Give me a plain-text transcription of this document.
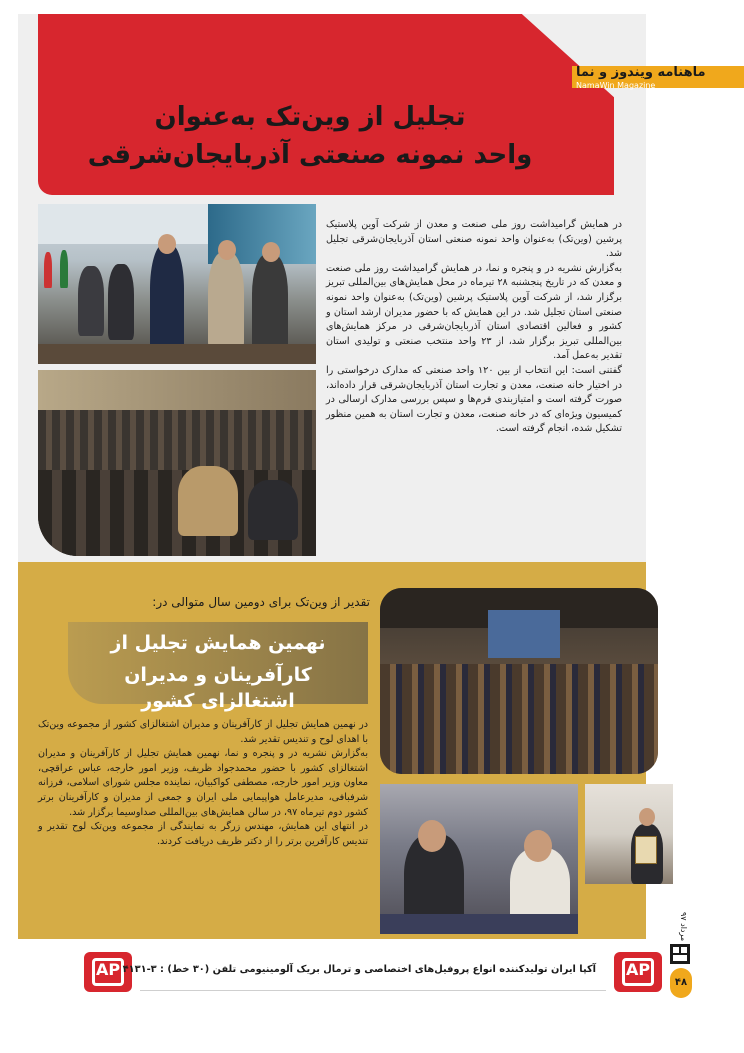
تجلیل از وین‌تک به‌عنوان
واحد نمونه صنعتی آذربایجان‌شرقی
ماهنامه ویندوز و نما
NamaWin Magazine

در همایش گرامیداشت روز ملی صنعت و معدن از شرکت آوین پلاستیک پرشین (وین‌تک) به‌عنوان واحد نمونه صنعتی استان آذربایجان‌شرقی تجلیل شد.

به‌گزارش نشریه در و پنجره و نما، در همایش گرامیداشت روز ملی صنعت و معدن که در تاریخ پنجشنبه ۲۸ تیرماه در محل همایش‌های بین‌المللی تبریز برگزار شد، از شرکت آوین پلاستیک پرشین (وین‌تک) به‌عنوان واحد نمونه صنعتی استان تجلیل شد. در این همایش که با حضور مدیران ارشد استان و کشور و فعالین اقتصادی استان آذربایجان‌شرقی در مرکز همایش‌های بین‌المللی تبریز برگزار شد، از ۲۳ واحد منتخب صنعتی و تولیدی استان تقدیر به‌عمل آمد.

گفتنی است: این انتخاب از بین ۱۲۰ واحد صنعتی که مدارک درخواستی را در اختیار خانه صنعت، معدن و تجارت استان آذربایجان‌شرقی قرار داده‌اند، صورت گرفته است و امتیازبندی فرم‌ها و سپس بررسی مدارک ارسالی در کمیسیون ویژه‌ای که در خانه صنعت، معدن و تجارت استان به همین منظور تشکیل شده، انجام گرفته است.

تقدیر از وین‌تک برای دومین سال متوالی در:
نهمین همایش تجلیل از
کارآفرینان و مدیران اشتغالزای کشور

در نهمین همایش تجلیل از کارآفرینان و مدیران اشتغالزای کشور از مجموعه وین‌تک با اهدای لوح و تندیس تقدیر شد.

به‌گزارش نشریه در و پنجره و نما، نهمین همایش تجلیل از کارآفرینان و مدیران اشتغالزای کشور با حضور محمدجواد ظریف، وزیر امور خارجه، عباس عراقچی، معاون وزیر امور خارجه، مصطفی کواکبیان، نماینده مجلس شورای اسلامی، فرزانه شرفبافی، مدیرعامل هواپیمایی ملی ایران و جمعی از مدیران و کارآفرینان برتر کشور دوم تیرماه ۹۷، در سالن همایش‌های بین‌المللی صداوسیما برگزار شد.

در انتهای این همایش، مهندس زرگر به نمایندگی از مجموعه وین‌تک لوح تقدیر و تندیس کارآفرین برتر را از دکتر ظریف دریافت کردند.

مرداد ۹۷
۴۸
AP آکپا ایران تولیدکننده انواع پروفیل‌های اختصاصی و ترمال بریک آلومینیومی تلفن (۳۰ خط) : ۳-۴۱۳۱	AP
